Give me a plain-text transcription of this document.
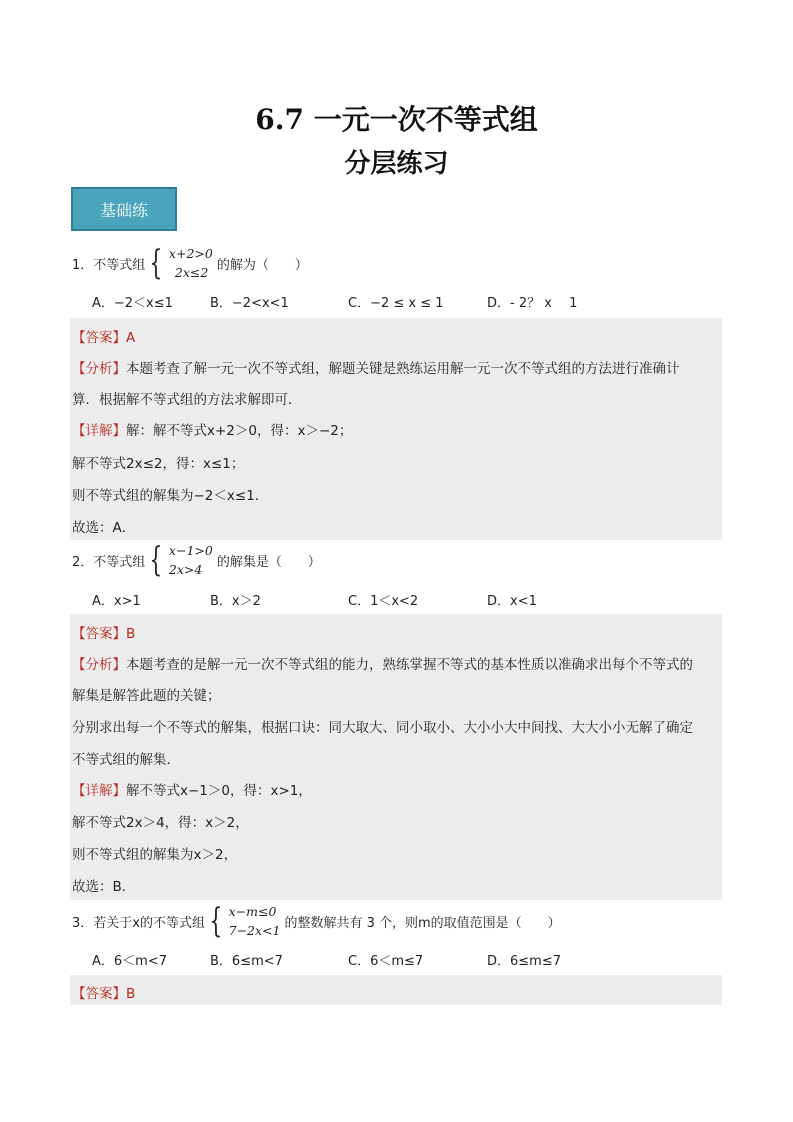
6.7 一元一次不等式组
分层练习
基础练
1．不等式组 { x+2>0
2x≤2 的解为（　　）
A．−2＜x≤1	B．−2<x<1	C．−2 ≤ x ≤ 1	D．- 2？ x　 1
【答案】A
【分析】本题考查了解一元一次不等式组，解题关键是熟练运用解一元一次不等式组的方法进行准确计
算．根据解不等式组的方法求解即可．
【详解】解：解不等式x+2＞0，得：x＞−2；
解不等式2x≤2，得：x≤1；
则不等式组的解集为−2＜x≤1．
故选：A．
2．不等式组 { x−1>0
2x>4	的解集是（　　）
A．x>1	B．x＞2	C．1＜x<2	D．x<1
【答案】B
【分析】本题考查的是解一元一次不等式组的能力，熟练掌握不等式的基本性质以准确求出每个不等式的
解集是解答此题的关键；
分别求出每一个不等式的解集，根据口诀：同大取大、同小取小、大小小大中间找、大大小小无解了确定
不等式组的解集．
【详解】解不等式x−1＞0，得：x>1，
解不等式2x＞4，得：x＞2，
则不等式组的解集为x＞2，
故选：B．
3．若关于x的不等式组 { x−m≤0
7−2x<1 的整数解共有 3 个，则m的取值范围是（　　）
A．6＜m<7	B．6≤m<7	C．6＜m≤7	D．6≤m≤7
【答案】B
